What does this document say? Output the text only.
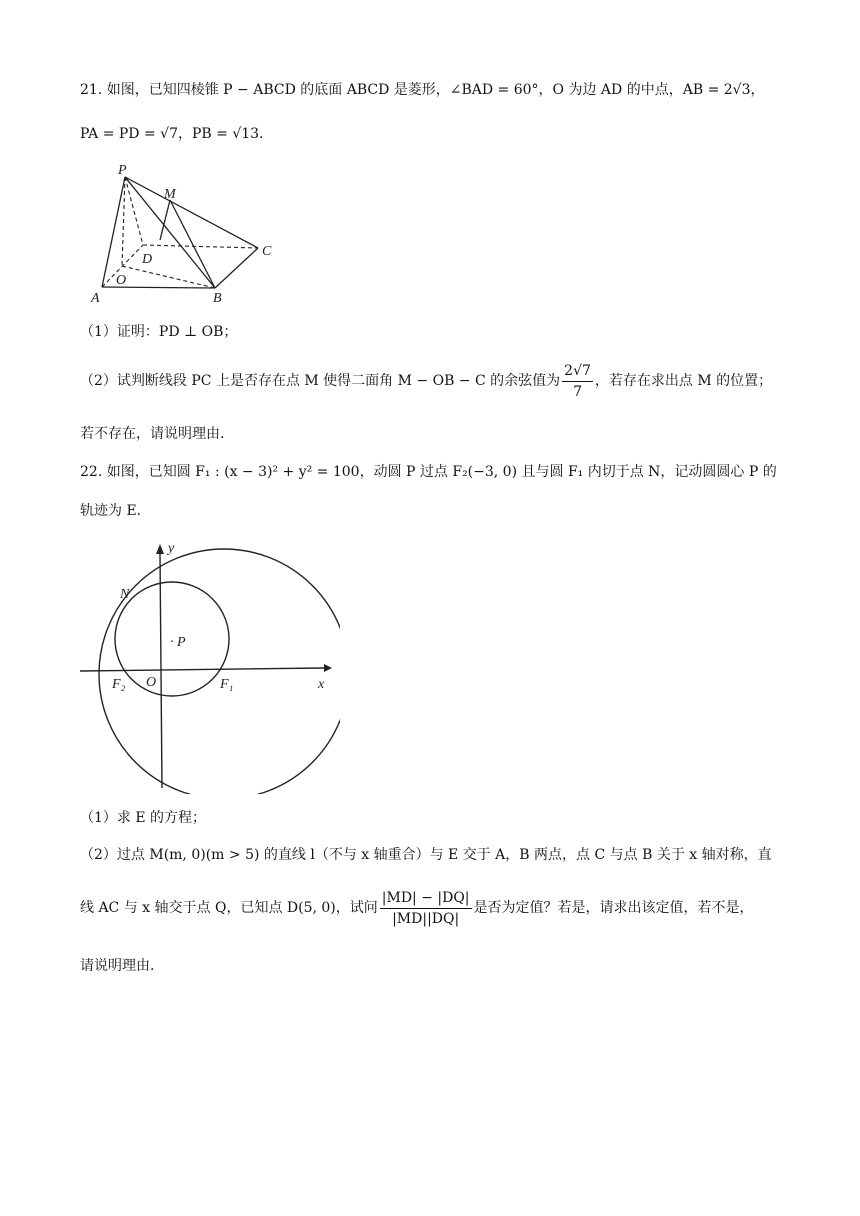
21. 如图，已知四棱锥 P − ABCD 的底面 ABCD 是菱形，∠BAD = 60°，O 为边 AD 的中点，AB = 2√3，
PA = PD = √7，PB = √13.
P
M
C
D
O
A	B
（1）证明：PD ⊥ OB；
（2）试判断线段 PC 上是否存在点 M 使得二面角 M − OB − C 的余弦值为 $\frac{2√7}{7}$ ，若存在求出点 M 的位置；
若不存在，请说明理由.
22. 如图，已知圆 F₁ : (x − 3)² + y² = 100，动圆 P 过点 F₂(−3, 0) 且与圆 F₁ 内切于点 N，记动圆圆心 P 的
轨迹为 E.
y
N
· P
F₂ O	F₁	x
（1）求 E 的方程；
（2）过点 M(m, 0)(m > 5) 的直线 l（不与 x 轴重合）与 E 交于 A，B 两点，点 C 与点 B 关于 x 轴对称，直
线 AC 与 x 轴交于点 Q，已知点 D(5, 0)，试问 $\frac{|MD| - |DQ|}{|MD||DQ|}$ 是否为定值？若是，请求出该定值，若不是，
请说明理由.
